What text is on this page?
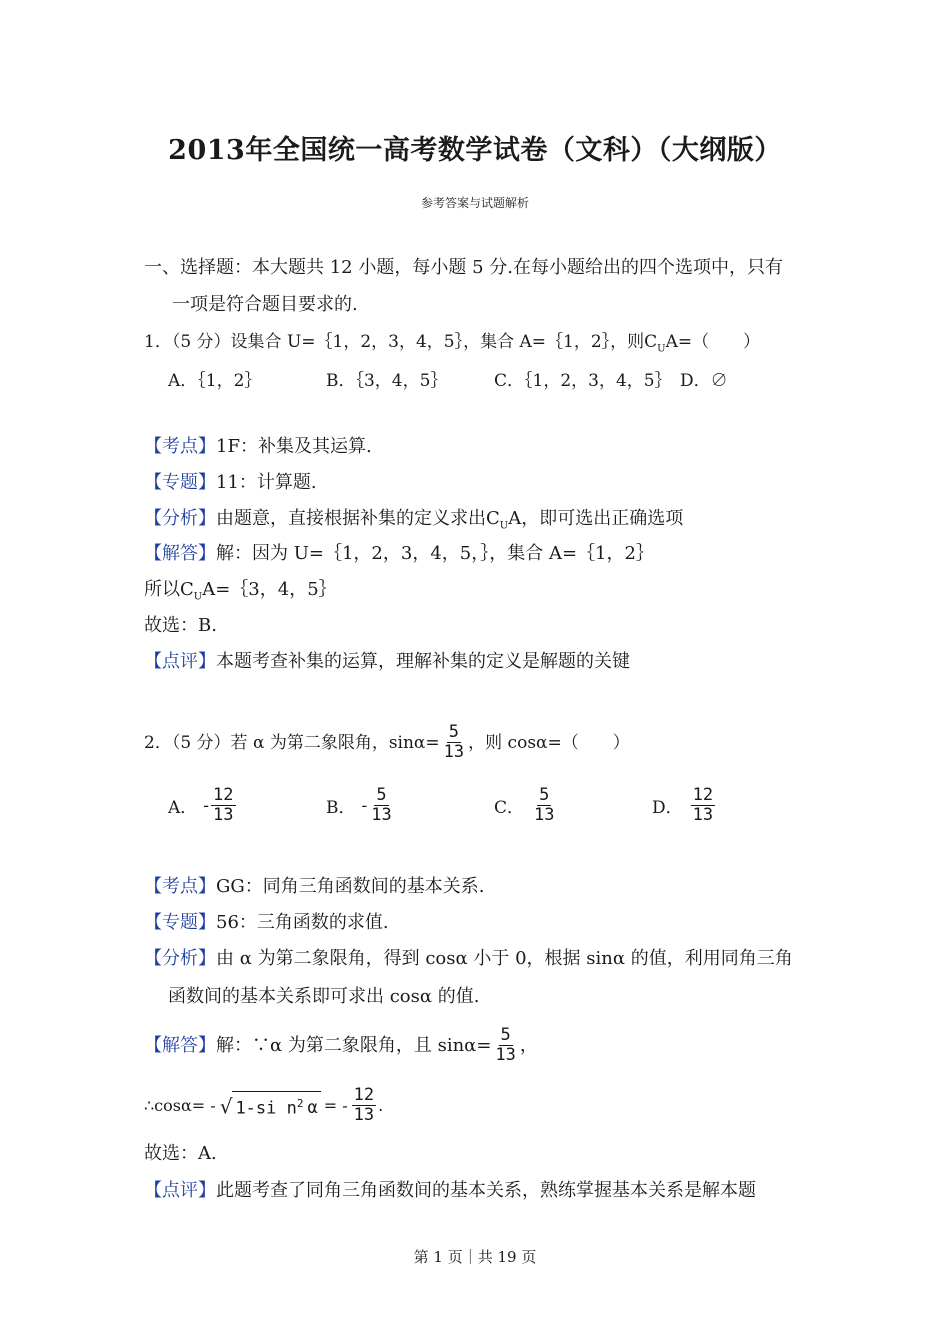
2013年全国统一高考数学试卷（文科）（大纲版）
参考答案与试题解析
一、选择题：本大题共 12 小题，每小题 5 分.在每小题给出的四个选项中，只有
一项是符合题目要求的.
1．（5 分）设集合 U=｛1，2，3，4，5｝，集合 A=｛1，2｝，则$C_UA=$（　　）
A．｛1，2｝	B．｛3，4，5｝	C．｛1，2，3，4，5｝ D．∅
【考点】1F：补集及其运算.
【专题】11：计算题.
【分析】由题意，直接根据补集的定义求出$C_UA$，即可选出正确选项
【解答】解：因为 U=｛1，2，3，4，5，｝，集合 A=｛1，2｝
所以$C_UA=\{3$，4，5｝
故选：B.
【点评】本题考查补集的运算，理解补集的定义是解题的关键
2．（5 分）若 α 为第二象限角，$\sin\alpha= \frac{5}{13}$ ，则 cosα=（　　）
A． - $\frac{12}{13}$	B． - $\frac{5}{13}$	C． $\frac{5}{13}$	D． $\frac{12}{13}$
【考点】GG：同角三角函数间的基本关系.
【专题】56：三角函数的求值.
【分析】由 α 为第二象限角，得到 cosα 小于 0，根据 sinα 的值，利用同角三角
函数间的基本关系即可求出 cosα 的值.
【解答】 解：∵α 为第二象限角，且 $\sin\alpha= \frac{5}{13}$ ，
∴cosα= - √ 1-si $n^2$ α = - $\frac{12}{13}$ .
故选：A.
【点评】此题考查了同角三角函数间的基本关系，熟练掌握基本关系是解本题
第 1 页｜共 19 页
